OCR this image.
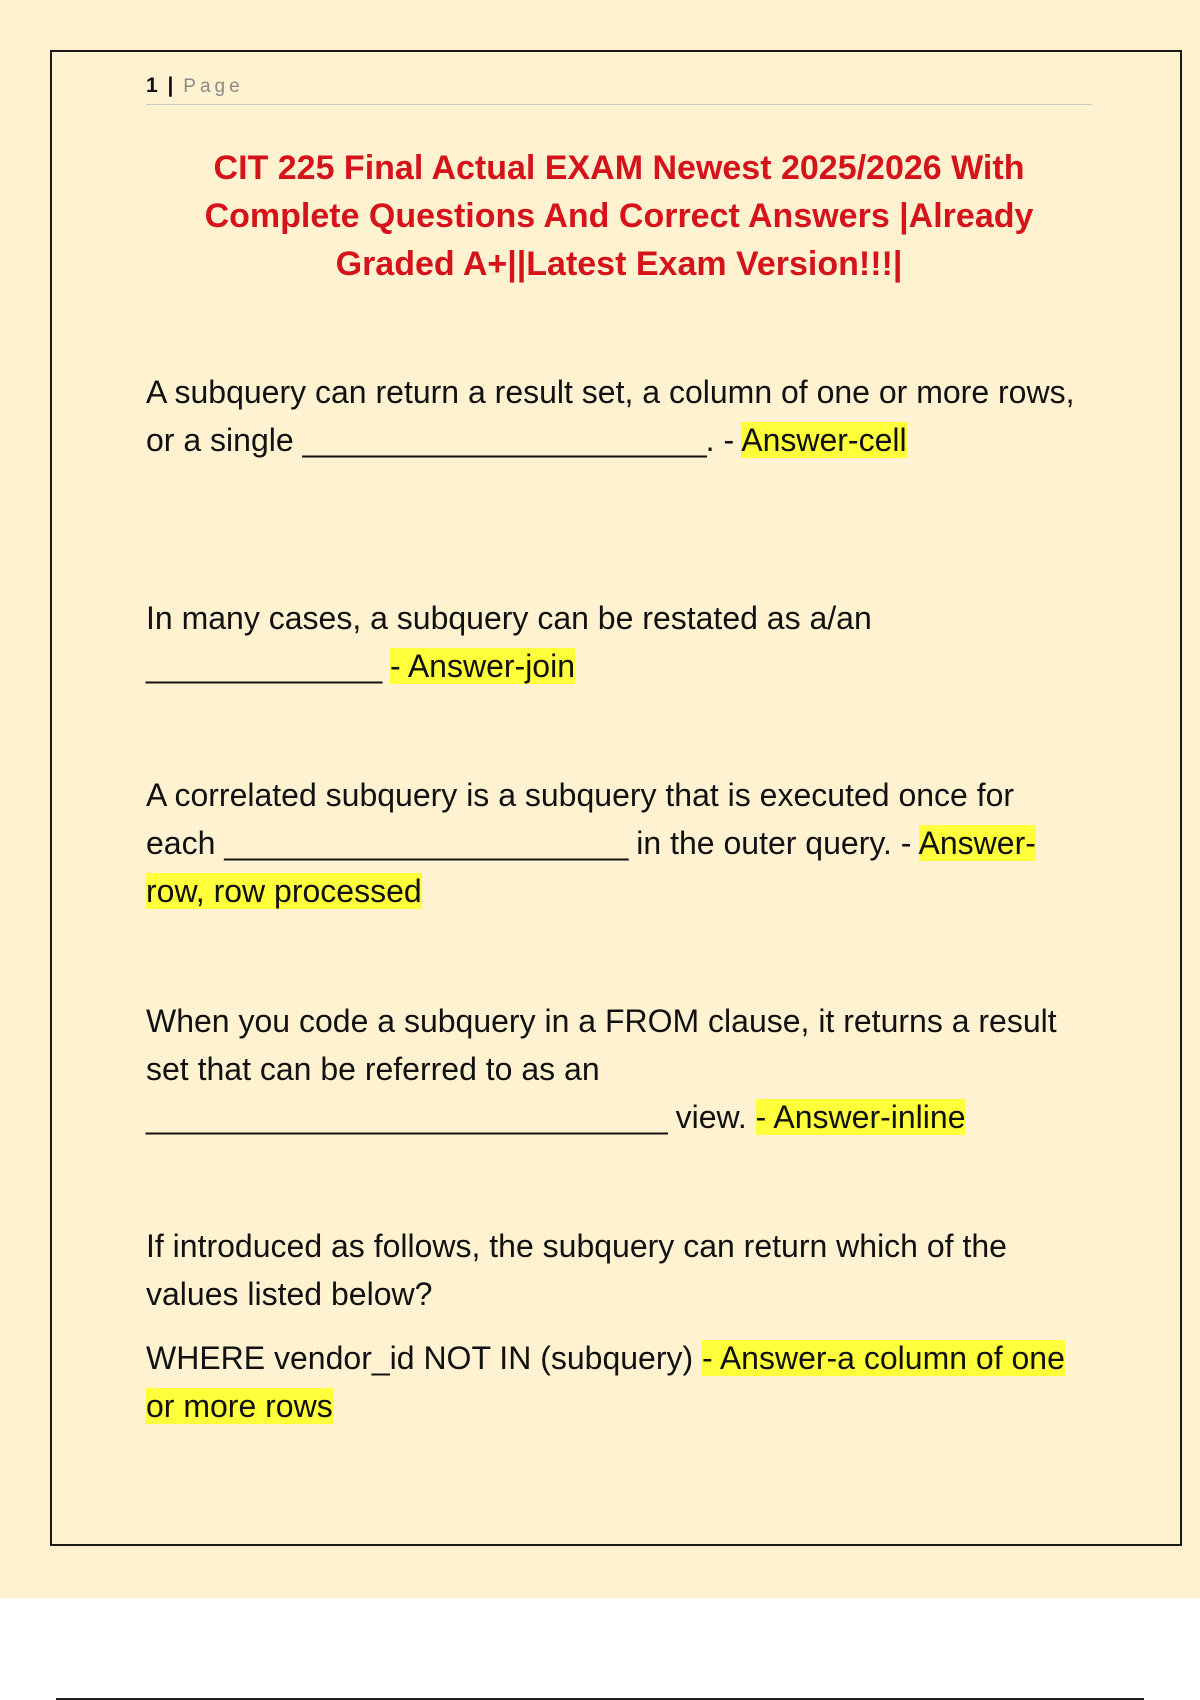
1 | Page
CIT 225 Final Actual EXAM Newest 2025/2026 With Complete Questions And Correct Answers |Already Graded A+||Latest Exam Version!!!|

A subquery can return a result set, a column of one or more rows, or a single ________________________. - Answer-cell

In many cases, a subquery can be restated as a/an ______________ - Answer-join

A correlated subquery is a subquery that is executed once for each ________________________ in the outer query. - Answer-row, row processed

When you code a subquery in a FROM clause, it returns a result set that can be referred to as an _______________________________ view. - Answer-inline

If introduced as follows, the subquery can return which of the values listed below?

WHERE vendor_id NOT IN (subquery) - Answer-a column of one or more rows
